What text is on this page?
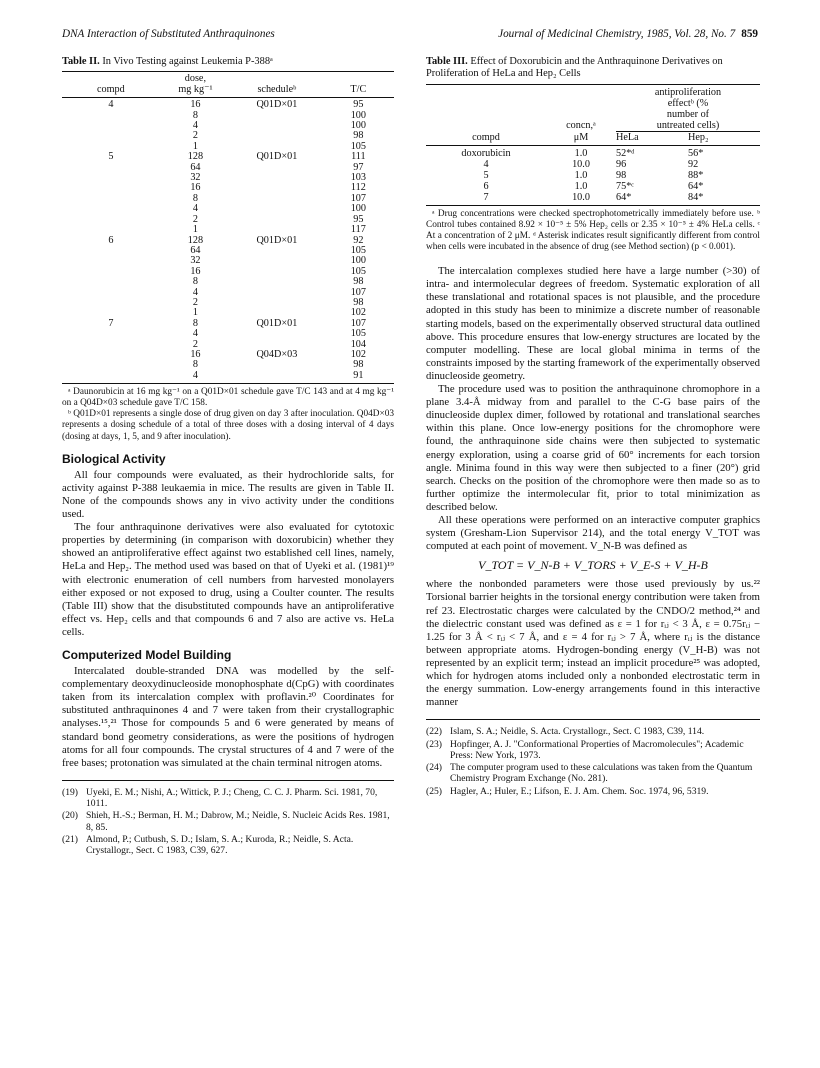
DNA Interaction of Substituted Anthraquinones	Journal of Medicinal Chemistry, 1985, Vol. 28, No. 7 859
Table II. In Vivo Testing against Leukemia P-388ᵃ
	dose,		
compd	mg kg⁻¹	scheduleᵇ	T/C
4	16	Q01D×01	95
	8		100
	4		100
	2		98
	1		105
5	128	Q01D×01	111
	64		97
	32		103
	16		112
	8		107
	4		100
	2		95
	1		117
6	128	Q01D×01	92
	64		105
	32		100
	16		105
	8		98
	4		107
	2		98
	1		102
7	8	Q01D×01	107
	4		105
	2		104
	16	Q04D×03	102
	8		98
	4		91

ᵃ Daunorubicin at 16 mg kg⁻¹ on a Q01D×01 schedule gave T/C 143 and at 4 mg kg⁻¹ on a Q04D×03 schedule gave T/C 158.

ᵇ Q01D×01 represents a single dose of drug given on day 3 after inoculation. Q04D×03 represents a dosing schedule of a total of three doses with a dosing interval of 4 days (dosing at days, 1, 5, and 9 after inoculation).

Biological Activity

All four compounds were evaluated, as their hydrochloride salts, for activity against P-388 leukaemia in mice. The results are given in Table II. None of the compounds shows any in vivo activity under the conditions used.

The four anthraquinone derivatives were also evaluated for cytotoxic properties by determining (in comparison with doxorubicin) whether they showed an antiproliferative effect against two established cell lines, namely, HeLa and Hep₂. The method used was based on that of Uyeki et al. (1981)¹⁹ with electronic enumeration of cell numbers from harvested monolayers either exposed or not exposed to drug, using a Coulter counter. The results (Table III) show that the disubstituted compounds have an antiproliferative effect vs. Hep₂ cells and that compounds 6 and 7 also are active vs. HeLa cells.

Computerized Model Building

Intercalated double-stranded DNA was modelled by the self-complementary deoxydinucleoside monophosphate d(CpG) with coordinates taken from its intercalation complex with proflavin.²⁰ Coordinates for substituted anthraquinones 4 and 7 were taken from their crystallographic analyses.¹⁵,²¹ Those for compounds 5 and 6 were generated by means of standard bond geometry considerations, as were the positions of hydrogen atoms for all four compounds. The crystal structures of 4 and 7 were of the free bases; protonation was simulated at the chain terminal nitrogen atoms.

(19) Uyeki, E. M.; Nishi, A.; Wittick, P. J.; Cheng, C. C. J. Pharm. Sci. 1981, 70, 1011.
(20) Shieh, H.-S.; Berman, H. M.; Dabrow, M.; Neidle, S. Nucleic Acids Res. 1981, 8, 85.
(21) Almond, P.; Cutbush, S. D.; Islam, S. A.; Kuroda, R.; Neidle, S. Acta. Crystallogr., Sect. C 1983, C39, 627.
Table III. Effect of Doxorubicin and the Anthraquinone Derivatives on Proliferation of HeLa and Hep₂ Cells

		antiproliferation
effectᵇ (%
number of	

	concn,ᵃ	untreated cells)	
compd	μM	HeLa	Hep₂
doxorubicin	1.0	52*ᵈ	56*
4	10.0	96	92
5	1.0	98	88*
6	1.0	75*ᶜ	64*
7	10.0	64*	84*

ᵃ Drug concentrations were checked spectrophotometrically immediately before use. ᵇ Control tubes contained 8.92 × 10⁻⁵ ± 5% Hep₂ cells or 2.35 × 10⁻⁵ ± 4% HeLa cells. ᶜ At a concentration of 2 μM. ᵈ Asterisk indicates result significantly different from control when cells were incubated in the absence of drug (see Method section) (p < 0.001).

The intercalation complexes studied here have a large number (>30) of intra- and intermolecular degrees of freedom. Systematic exploration of all these translational and rotational spaces is not plausible, and the procedure adopted in this study has been to minimize a discrete number of reasonable starting models, based on the experimentally observed structural data outlined above. This procedure ensures that low-energy structures are located by the computer modelling. These are local global minima in terms of the constraints imposed by the starting framework of the experimentally observed dinucleoside geometry.

The procedure used was to position the anthraquinone chromophore in a plane 3.4-Å midway from and parallel to the C-G base pairs of the dinucleoside duplex dimer, followed by rotational and translational searches within this plane. Once low-energy positions for the chromophore were found, the anthraquinone side chains were then subjected to systematic energy exploration, using a coarse grid of 60° increments for each torsion angle. Minima found in this way were then subjected to a finer (20°) grid search. Checks on the position of the chromophore were then made so as to further optimize the intermolecular fit, prior to total minimization as described below.

All these operations were performed on an interactive computer graphics system (Gresham-Lion Supervisor 214), and the total energy V_TOT was computed at each point of movement. V_N-B was defined as

V_TOT = V_N-B + V_TORS + V_E-S + V_H-B

where the nonbonded parameters were those used previously by us.²² Torsional barrier heights in the torsional energy contribution were taken from ref 23. Electrostatic charges were calculated by the CNDO/2 method,²⁴ and the dielectric constant used was defined as ε = 1 for rᵢⱼ < 3 Å, ε = 0.75rᵢⱼ − 1.25 for 3 Å < rᵢⱼ < 7 Å, and ε = 4 for rᵢⱼ > 7 Å, where rᵢⱼ is the distance between appropriate atoms. Hydrogen-bonding energy (V_H-B) was not represented by an explicit term; instead an implicit procedure²⁵ was adopted, which for hydrogen atoms included only a nonbonded electrostatic term in the energy summation. Low-energy arrangements found in this interactive manner

(22) Islam, S. A.; Neidle, S. Acta. Crystallogr., Sect. C 1983, C39, 114.
(23) Hopfinger, A. J. "Conformational Properties of Macromolecules"; Academic Press: New York, 1973.
(24) The computer program used to these calculations was taken from the Quantum Chemistry Program Exchange (No. 281).
(25) Hagler, A.; Huler, E.; Lifson, E. J. Am. Chem. Soc. 1974, 96, 5319.
